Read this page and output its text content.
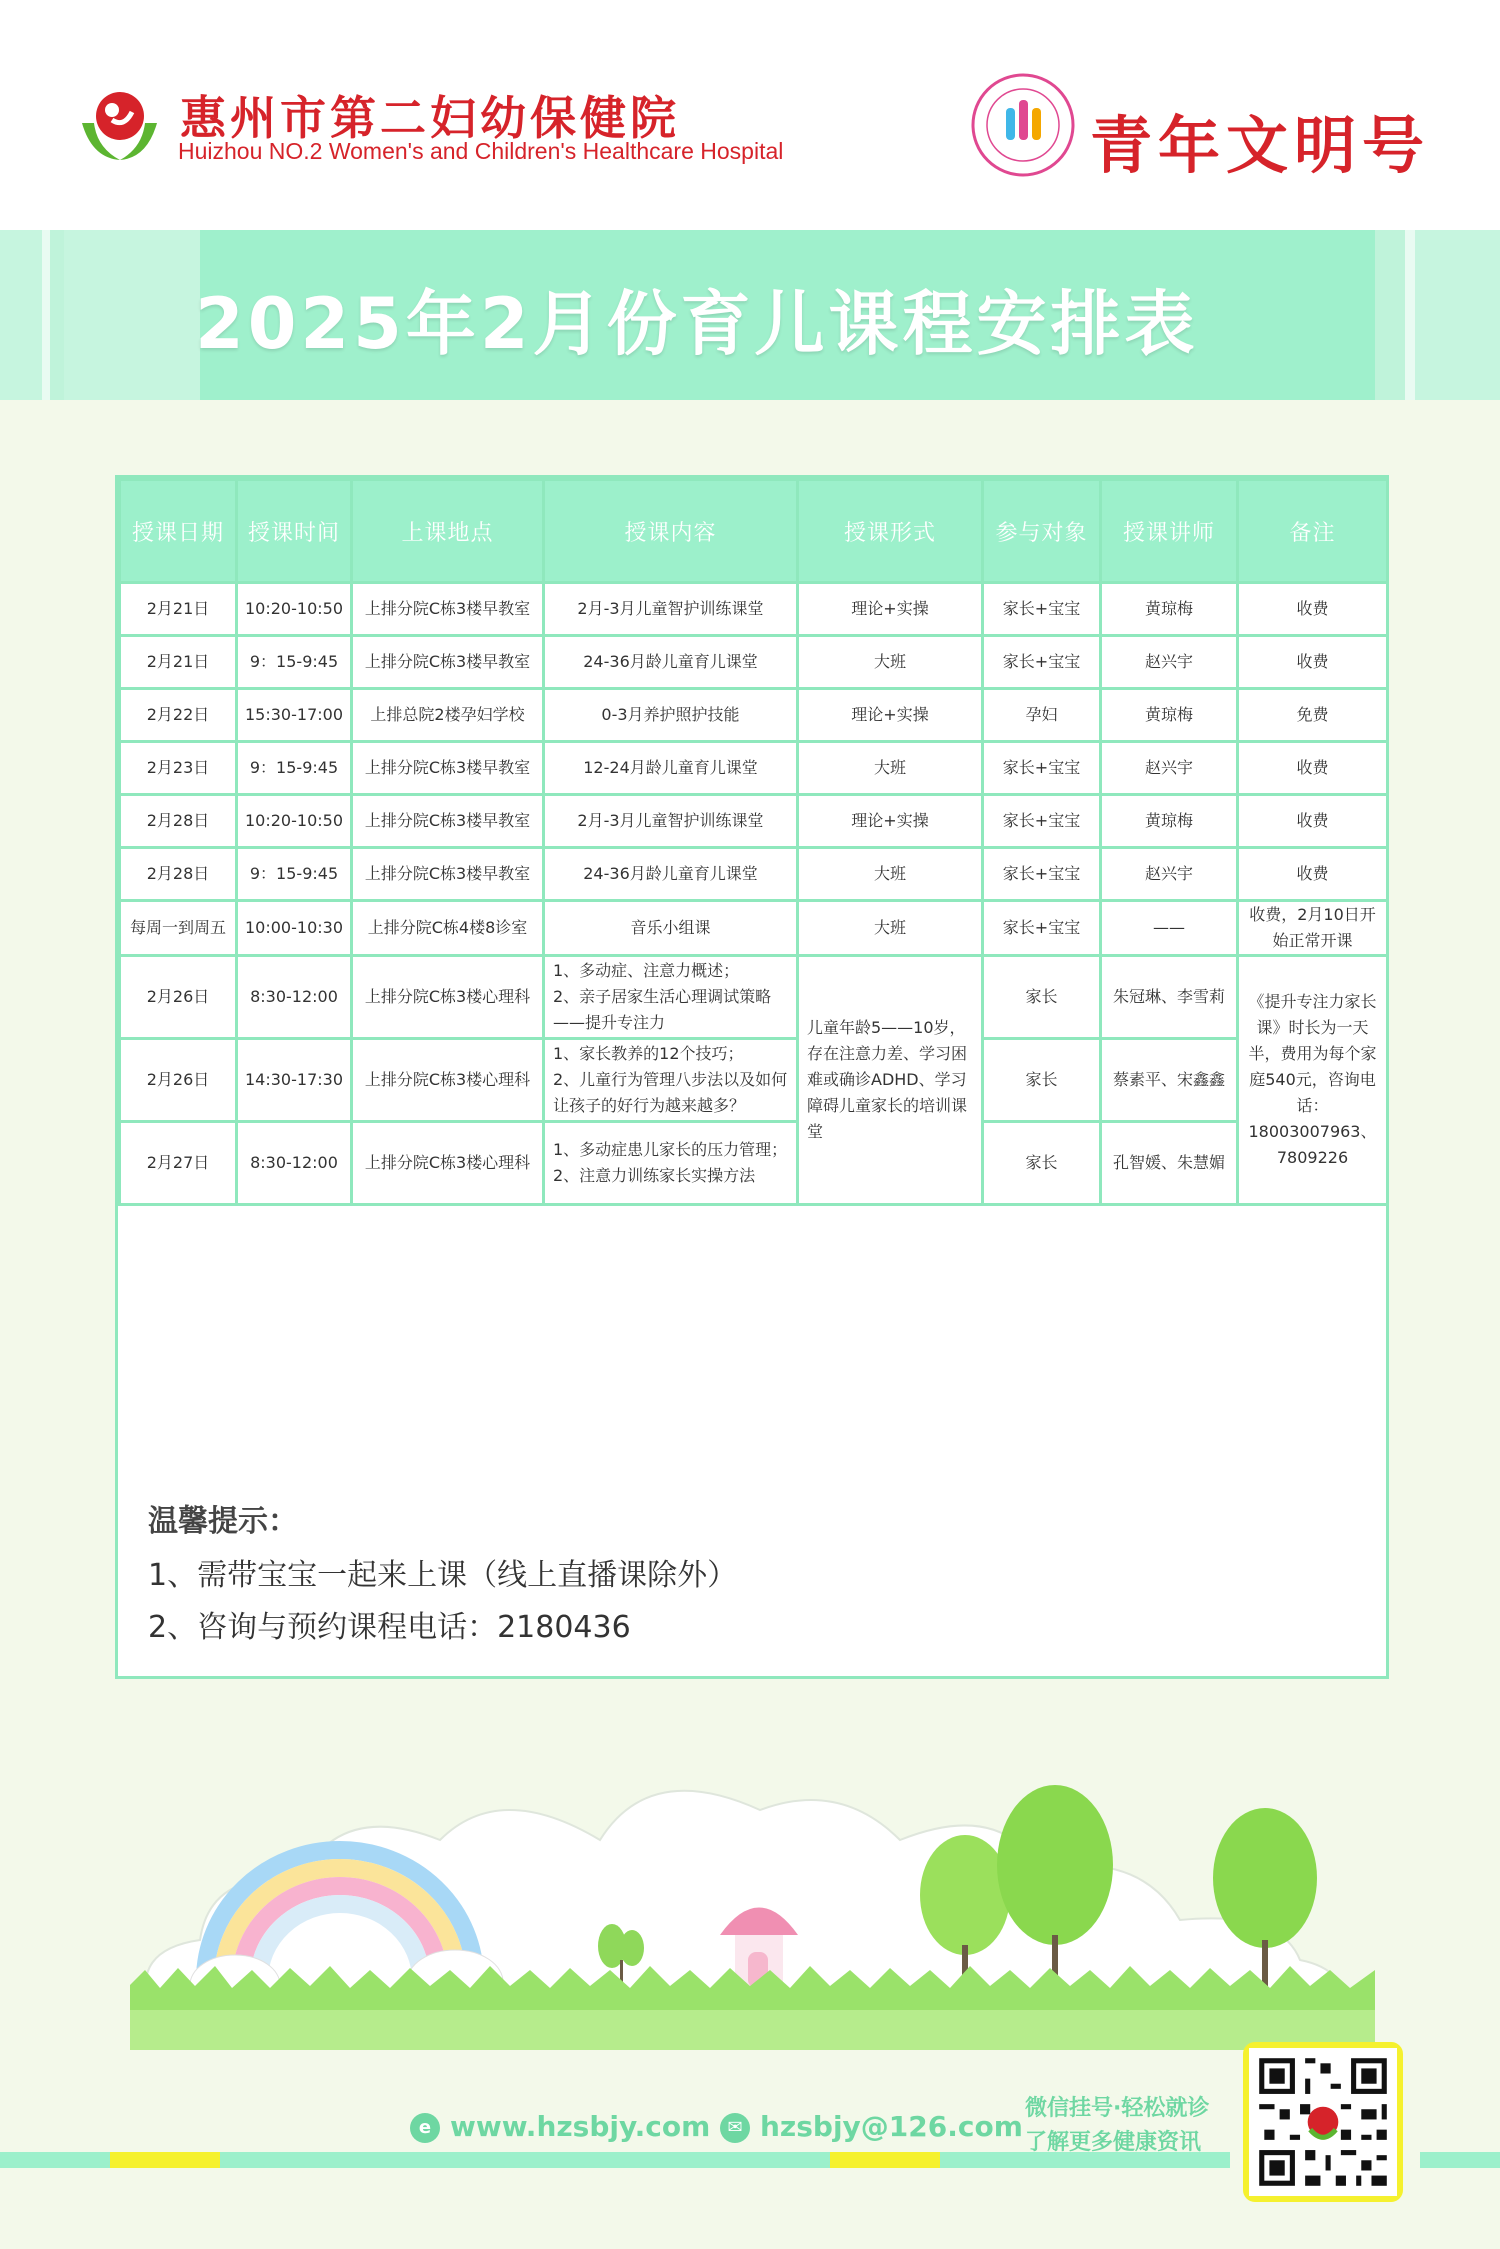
惠州市第二妇幼保健院
Huizhou NO.2 Women's and Children's Healthcare Hospital	青年文明号
2025年2月份育儿课程安排表
授课日期	授课时间	上课地点	授课内容	授课形式	参与对象	授课讲师	备注
2月21日	10:20-10:50	上排分院C栋3楼早教室	2月-3月儿童智护训练课堂	理论+实操	家长+宝宝	黄琼梅	收费
2月21日	9：15-9:45	上排分院C栋3楼早教室	24-36月龄儿童育儿课堂	大班	家长+宝宝	赵兴宇	收费
2月22日	15:30-17:00	上排总院2楼孕妇学校	0-3月养护照护技能	理论+实操	孕妇	黄琼梅	免费
2月23日	9：15-9:45	上排分院C栋3楼早教室	12-24月龄儿童育儿课堂	大班	家长+宝宝	赵兴宇	收费
2月28日	10:20-10:50	上排分院C栋3楼早教室	2月-3月儿童智护训练课堂	理论+实操	家长+宝宝	黄琼梅	收费
2月28日	9：15-9:45	上排分院C栋3楼早教室	24-36月龄儿童育儿课堂	大班	家长+宝宝	赵兴宇	收费
每周一到周五	10:00-10:30	上排分院C栋4楼8诊室	音乐小组课	大班	家长+宝宝	——	收费，2月10日开始正常开课
2月26日	8:30-12:00	上排分院C栋3楼心理科	1、多动症、注意力概述；
2、亲子居家生活心理调试策略——提升专注力	儿童年龄5——10岁，存在注意力差、学习困难或确诊ADHD、学习障碍儿童家长的培训课堂	家长	朱冠琳、李雪莉	《提升专注力家长课》时长为一天半，费用为每个家庭540元，咨询电话：18003007963、7809226
2月26日	14:30-17:30	上排分院C栋3楼心理科	1、家长教养的12个技巧；
2、儿童行为管理八步法以及如何让孩子的好行为越来越多？		家长	蔡素平、宋鑫鑫	
2月27日	8:30-12:00	上排分院C栋3楼心理科	1、多动症患儿家长的压力管理；
2、注意力训练家长实操方法		家长	孔智媛、朱慧媚	
温馨提示：
1、需带宝宝一起来上课（线上直播课除外）
2、咨询与预约课程电话：2180436
e www.hzsbjy.com ✉ hzsbjy@126.com
微信挂号·轻松就诊
了解更多健康资讯
